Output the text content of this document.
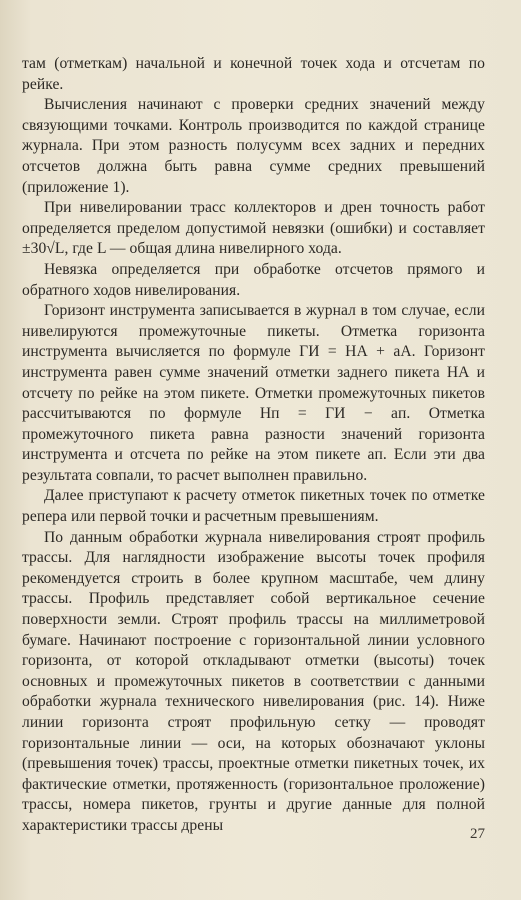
там (отметкам) начальной и конечной точек хода и отсчетам по рейке.

Вычисления начинают с проверки средних значений между связующими точками. Контроль производится по каждой странице журнала. При этом разность полусумм всех задних и передних отсчетов должна быть равна сумме средних превышений (приложение 1).

При нивелировании трасс коллекторов и дрен точность работ определяется пределом допустимой невязки (ошибки) и составляет ±30√L, где L — общая длина нивелирного хода.

Невязка определяется при обработке отсчетов прямого и обратного ходов нивелирования.

Горизонт инструмента записывается в журнал в том случае, если нивелируются промежуточные пикеты. Отметка горизонта инструмента вычисляется по формуле ГИ = HА + aА. Горизонт инструмента равен сумме значений отметки заднего пикета HА и отсчету по рейке на этом пикете. Отметки промежуточных пикетов рассчитываются по формуле Hп = ГИ − aп. Отметка промежуточного пикета равна разности значений горизонта инструмента и отсчета по рейке на этом пикете aп. Если эти два результата совпали, то расчет выполнен правильно.

Далее приступают к расчету отметок пикетных точек по отметке репера или первой точки и расчетным превышениям.

По данным обработки журнала нивелирования строят профиль трассы. Для наглядности изображение высоты точек профиля рекомендуется строить в более крупном масштабе, чем длину трассы. Профиль представляет собой вертикальное сечение поверхности земли. Строят профиль трассы на миллиметровой бумаге. Начинают построение с горизонтальной линии условного горизонта, от которой откладывают отметки (высоты) точек основных и промежуточных пикетов в соответствии с данными обработки журнала технического нивелирования (рис. 14). Ниже линии горизонта строят профильную сетку — проводят горизонтальные линии — оси, на которых обозначают уклоны (превышения точек) трассы, проектные отметки пикетных точек, их фактические отметки, протяженность (горизонтальное проложение) трассы, номера пикетов, грунты и другие данные для полной характеристики трассы дрены

27
